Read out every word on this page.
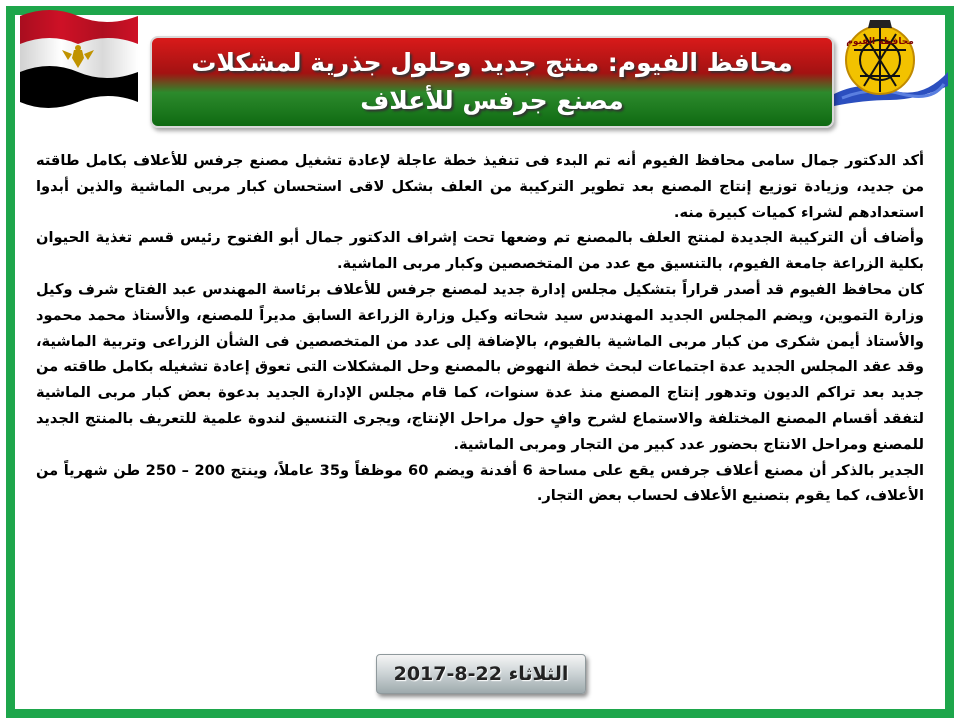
محافظة الفيوم
محافظ الفيوم: منتج جديد وحلول جذرية لمشكلات مصنع جرفس للأعلاف

أكد الدكتور جمال سامى محافظ الفيوم أنه تم البدء فى تنفيذ خطة عاجلة لإعادة تشغيل مصنع جرفس للأعلاف بكامل طاقته من جديد، وزيادة توزيع إنتاج المصنع بعد تطوير التركيبة من العلف بشكل لاقى استحسان كبار مربى الماشية والذين أبدوا استعدادهم لشراء كميات كبيرة منه.

وأضاف أن التركيبة الجديدة لمنتج العلف بالمصنع تم وضعها تحت إشراف الدكتور جمال أبو الفتوح رئيس قسم تغذية الحيوان بكلية الزراعة جامعة الفيوم، بالتنسيق مع عدد من المتخصصين وكبار مربى الماشية.

كان محافظ الفيوم قد أصدر قراراً بتشكيل مجلس إدارة جديد لمصنع جرفس للأعلاف برئاسة المهندس عبد الفتاح شرف وكيل وزارة التموين، ويضم المجلس الجديد المهندس سيد شحاته وكيل وزارة الزراعة السابق مديراً للمصنع، والأستاذ محمد محمود والأستاذ أيمن شكرى من كبار مربى الماشية بالفيوم، بالإضافة إلى عدد من المتخصصين فى الشأن الزراعى وتربية الماشية، وقد عقد المجلس الجديد عدة اجتماعات لبحث خطة النهوض بالمصنع وحل المشكلات التى تعوق إعادة تشغيله بكامل طاقته من جديد بعد تراكم الديون وتدهور إنتاج المصنع منذ عدة سنوات، كما قام مجلس الإدارة الجديد بدعوة بعض كبار مربى الماشية لتفقد أقسام المصنع المختلفة والاستماع لشرح وافٍ حول مراحل الإنتاج، ويجرى التنسيق لندوة علمية للتعريف بالمنتج الجديد للمصنع ومراحل الانتاج بحضور عدد كبير من التجار ومربى الماشية.

الجدير بالذكر أن مصنع أعلاف جرفس يقع على مساحة 6 أفدنة ويضم 60 موظفاً و35 عاملاً، وينتج 200 – 250 طن شهرياً من الأعلاف، كما يقوم بتصنيع الأعلاف لحساب بعض التجار.

الثلاثاء 22-8-2017
